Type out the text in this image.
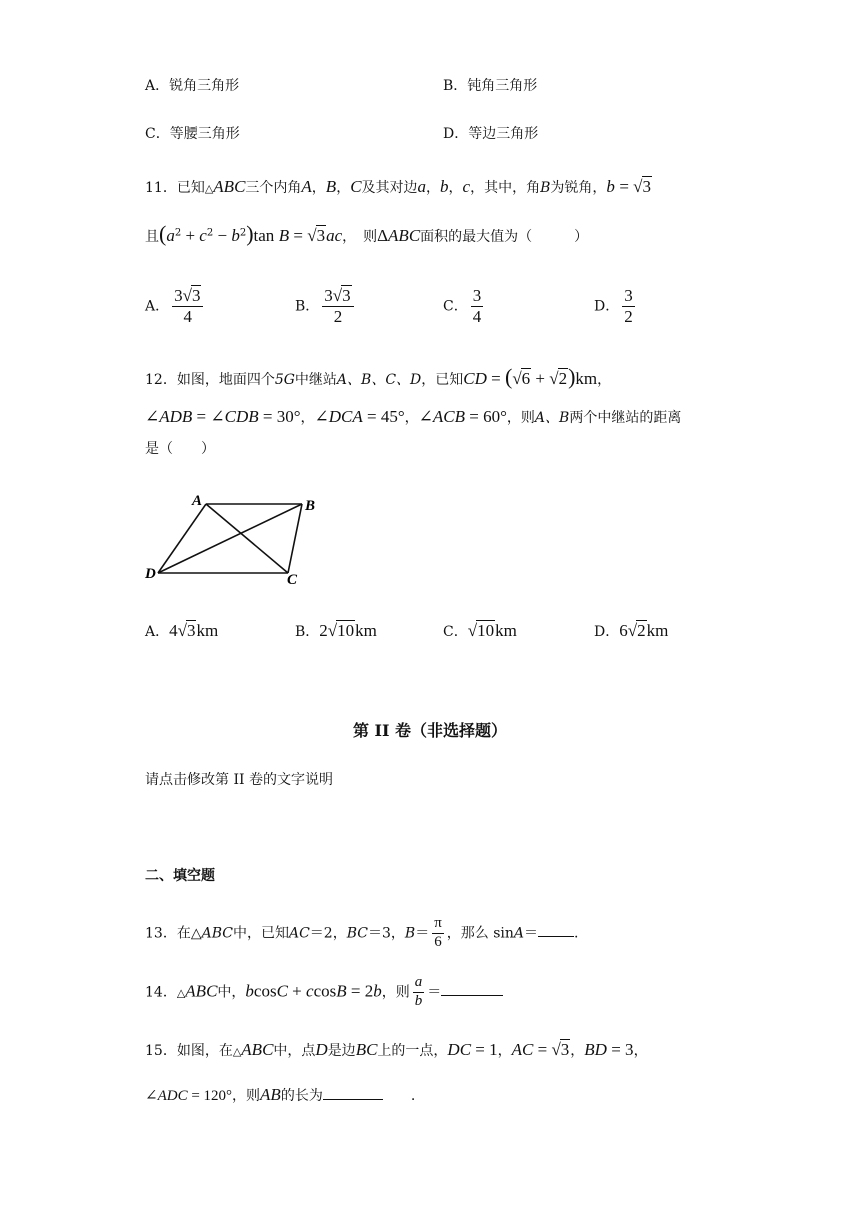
A．锐角三角形	B．钝角三角形
C．等腰三角形	D．等边三角形
11．已知△ABC三个内角A，B，C及其对边a，b，c，其中，角B为锐角，b = √3
且$(a^2 + c^2 - b^2)\tan$ B = √3ac，　则ΔABC面积的最大值为（　　　）
A． $\frac{3√3}{4}$	B． $\frac{3√3}{2}$	C． $\frac{3}{4}$	D． $\frac{3}{2}$
12．如图，地面四个5G中继站A、B、C、D，已知CD = (√6 + √2)km，
∠ADB = ∠CDB = 30°，∠DCA = 45°，∠ACB = 60°，则A、B两个中继站的距离
是（　　）
A	B
C
D
A．4√3km	B．2√10km	C．√10km	D．6√2km
第 II 卷（非选择题）
请点击修改第 II 卷的文字说明
二、填空题
13．在△ABC中，已知AC＝2，BC＝3，$B= \frac{\pi}{6}$ ，那么 sinA＝	.
14．△ABC中，bcosC + ccosB = 2b，则 $\frac{a}{b}$ ＝
15．如图，在△ABC中，点D是边BC上的一点，DC = 1，AC = √3，BD = 3，
∠ADC = 120°，则AB的长为	.
